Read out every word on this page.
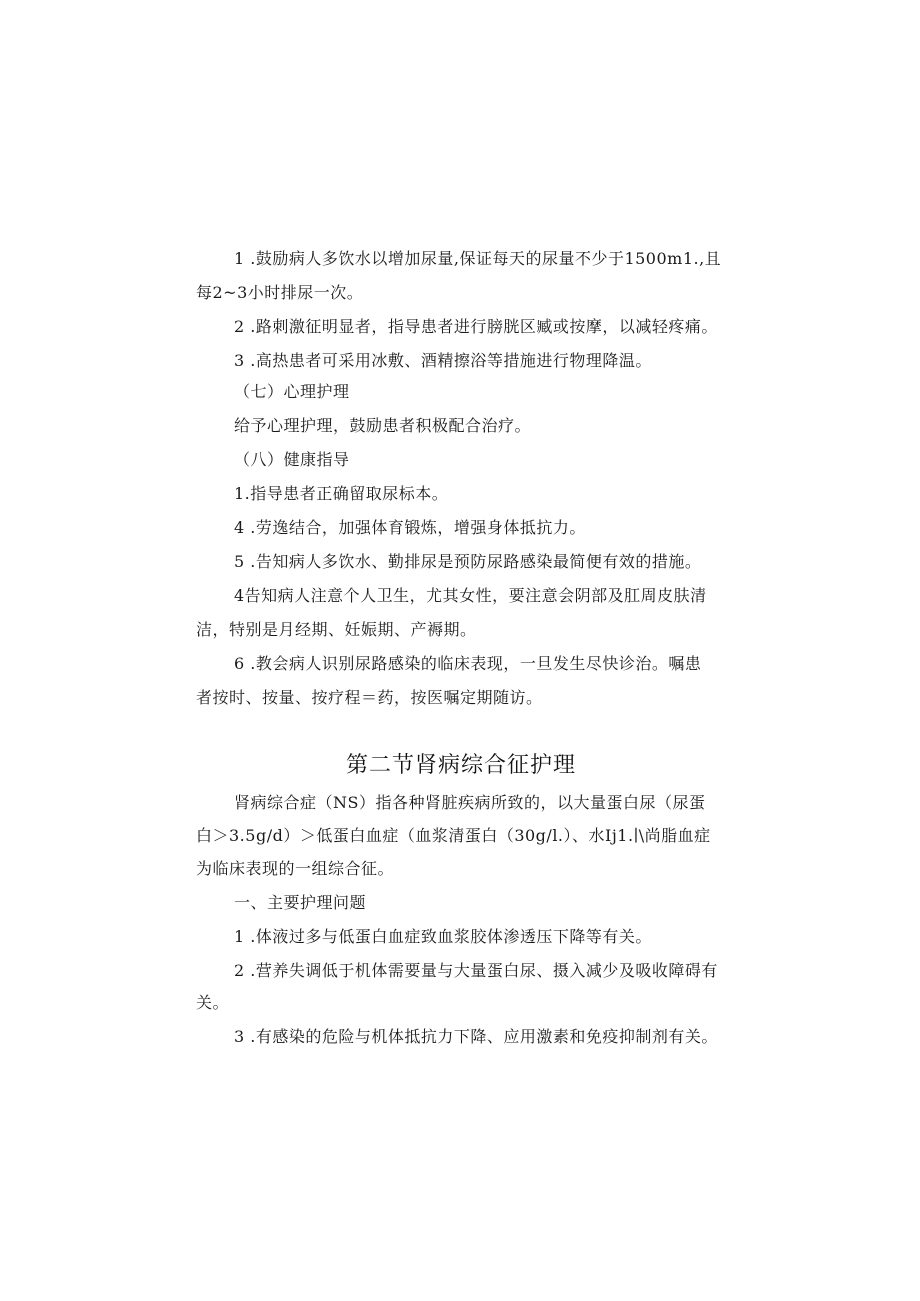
1 .鼓励病人多饮水以增加尿量,保证每天的尿量不少于1500m1.,且
每2~3小时排尿一次。
2 .路刺激征明显者，指导患者进行膀胱区臧或按摩，以减轻疼痛。
3 .高热患者可采用冰敷、酒精擦浴等措施进行物理降温。
（七）心理护理
给予心理护理，鼓励患者积极配合治疗。
（八）健康指导
1.指导患者正确留取尿标本。
4 .劳逸结合，加强体育锻炼，增强身体抵抗力。
5 .告知病人多饮水、勤排尿是预防尿路感染最简便有效的措施。
4告知病人注意个人卫生，尤其女性，要注意会阴部及肛周皮肤清
洁，特别是月经期、妊娠期、产褥期。
6 .教会病人识别尿路感染的临床表现，一旦发生尽快诊治。嘱患
者按时、按量、按疗程＝药，按医嘱定期随访。
第二节肾病综合征护理
肾病综合症（NS）指各种肾脏疾病所致的，以大量蛋白尿（尿蛋
白＞3.5g∕d）＞低蛋白血症（血浆清蛋白（30g∕l.）、水Ij1.∣\尚脂血症
为临床表现的一组综合征。
一、主要护理问题
1 .体液过多与低蛋白血症致血浆胶体渗透压下降等有关。
2 .营养失调低于机体需要量与大量蛋白尿、摄入减少及吸收障碍有
关。
3 .有感染的危险与机体抵抗力下降、应用激素和免疫抑制剂有关。
